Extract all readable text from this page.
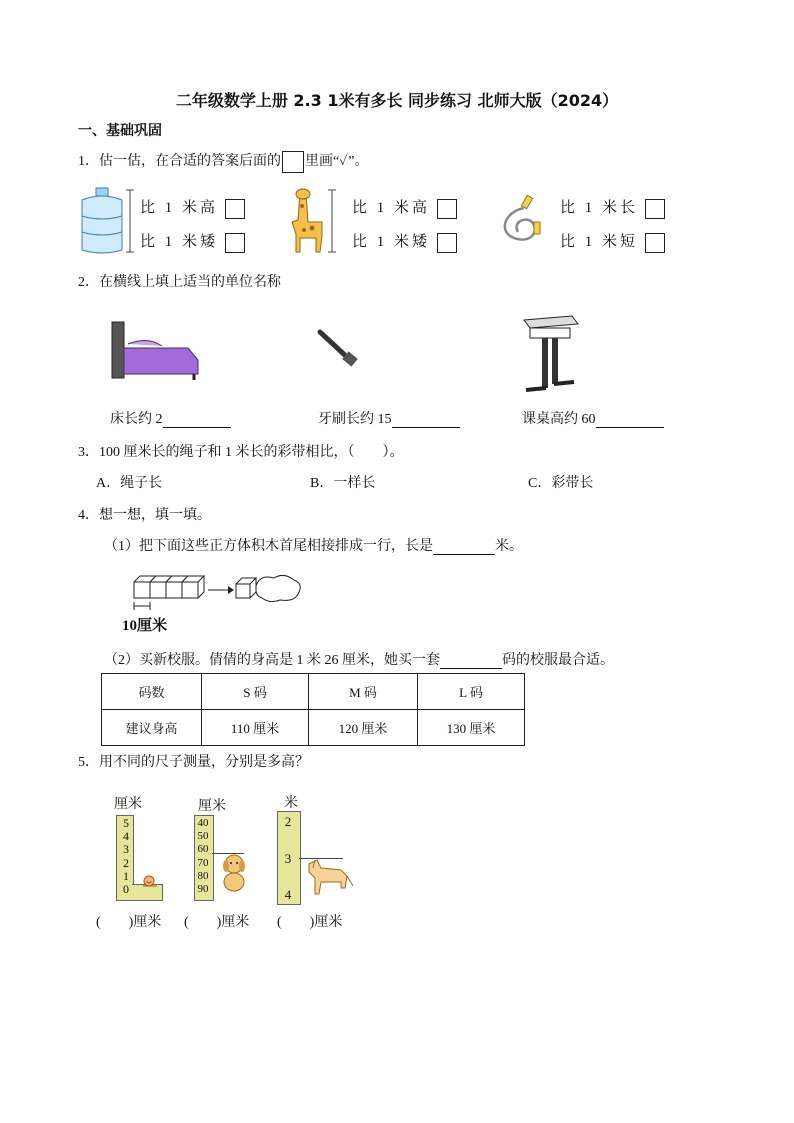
二年级数学上册 2.3 1米有多长 同步练习 北师大版（2024）
一、基础巩固
1．估一估，在合适的答案后面的 里画“✓”。
比 1 米高
比 1 米矮
比 1 米高
比 1 米矮
比 1 米长
比 1 米短
2．在横线上填上适当的单位名称
床长约 2	牙刷长约 15	课桌高约 60
3．100 厘米长的绳子和 1 米长的彩带相比，（　　）。
A．绳子长	B．一样长	C．彩带长
4．想一想，填一填。
（1）把下面这些正方体积木首尾相接排成一行，长是	米。
10厘米
（2）买新校服。倩倩的身高是 1 米 26 厘米，她买一套	码的校服最合适。
码数	S 码	M 码	L 码
建议身高	110 厘米	120 厘米	130 厘米
5．用不同的尺子测量，分别是多高？
厘米
5
4
3
2
1
0
厘米
40
50
60
70
80
90
米
2
3
4
(　　)厘米 (　　)厘米 (　　)厘米
